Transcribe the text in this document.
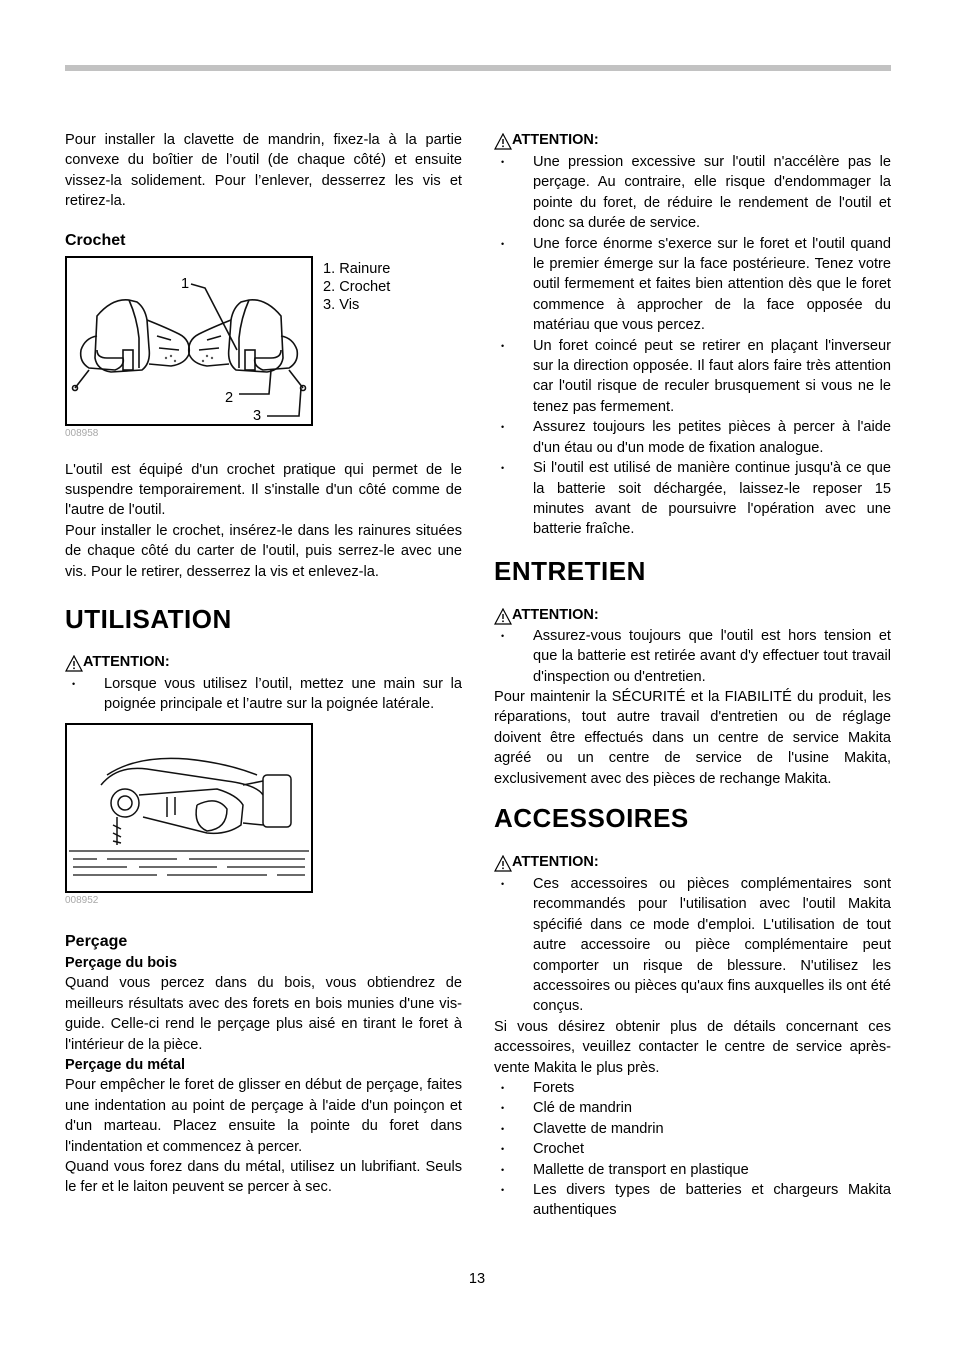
Pour installer la clavette de mandrin, fixez-la à la partie convexe du boîtier de l’outil (de chaque côté) et ensuite vissez-la solidement. Pour l’enlever, desserrez les vis et retirez-la.

Crochet
1
2
3
1. Rainure
2. Crochet
3. Vis
008958

L'outil est équipé d'un crochet pratique qui permet de le suspendre temporairement. Il s'installe d'un côté comme de l'autre de l'outil.

Pour installer le crochet, insérez-le dans les rainures situées de chaque côté du carter de l'outil, puis serrez-le avec une vis. Pour le retirer, desserrez la vis et enlevez-la.

UTILISATION
ATTENTION:
• Lorsque vous utilisez l’outil, mettez une main sur la poignée principale et l’autre sur la poignée latérale.
008952
Perçage
Perçage du bois

Quand vous percez dans du bois, vous obtiendrez de meilleurs résultats avec des forets en bois munies d'une vis-guide. Celle-ci rend le perçage plus aisé en tirant le foret à l'intérieur de la pièce.

Perçage du métal

Pour empêcher le foret de glisser en début de perçage, faites une indentation au point de perçage à l'aide d'un poinçon et d'un marteau. Placez ensuite la pointe du foret dans l'indentation et commencez à percer.

Quand vous forez dans du métal, utilisez un lubrifiant. Seuls le fer et le laiton peuvent se percer à sec.

ATTENTION:
• Une pression excessive sur l'outil n'accélère pas le perçage. Au contraire, elle risque d'endommager la pointe du foret, de réduire le rendement de l'outil et donc sa durée de service.
• Une force énorme s'exerce sur le foret et l'outil quand le premier émerge sur la face postérieure. Tenez votre outil fermement et faites bien attention dès que le foret commence à approcher de la face opposée du matériau que vous percez.
• Un foret coincé peut se retirer en plaçant l'inverseur sur la direction opposée. Il faut alors faire très attention car l'outil risque de reculer brusquement si vous ne le tenez pas fermement.
• Assurez toujours les petites pièces à percer à l'aide d'un étau ou d'un mode de fixation analogue.
• Si l'outil est utilisé de manière continue jusqu'à ce que la batterie soit déchargée, laissez-le reposer 15 minutes avant de poursuivre l'opération avec une batterie fraîche.
ENTRETIEN
ATTENTION:
• Assurez-vous toujours que l'outil est hors tension et que la batterie est retirée avant d'y effectuer tout travail d'inspection ou d'entretien.

Pour maintenir la SÉCURITÉ et la FIABILITÉ du produit, les réparations, tout autre travail d'entretien ou de réglage doivent être effectués dans un centre de service Makita agréé ou un centre de service de l'usine Makita, exclusivement avec des pièces de rechange Makita.

ACCESSOIRES
ATTENTION:
• Ces accessoires ou pièces complémentaires sont recommandés pour l'utilisation avec l'outil Makita spécifié dans ce mode d'emploi. L'utilisation de tout autre accessoire ou pièce complémentaire peut comporter un risque de blessure. N'utilisez les accessoires ou pièces qu'aux fins auxquelles ils ont été conçus.

Si vous désirez obtenir plus de détails concernant ces accessoires, veuillez contacter le centre de service après-vente Makita le plus près.

• Forets
• Clé de mandrin
• Clavette de mandrin
• Crochet
• Mallette de transport en plastique
• Les divers types de batteries et chargeurs Makita authentiques
13
